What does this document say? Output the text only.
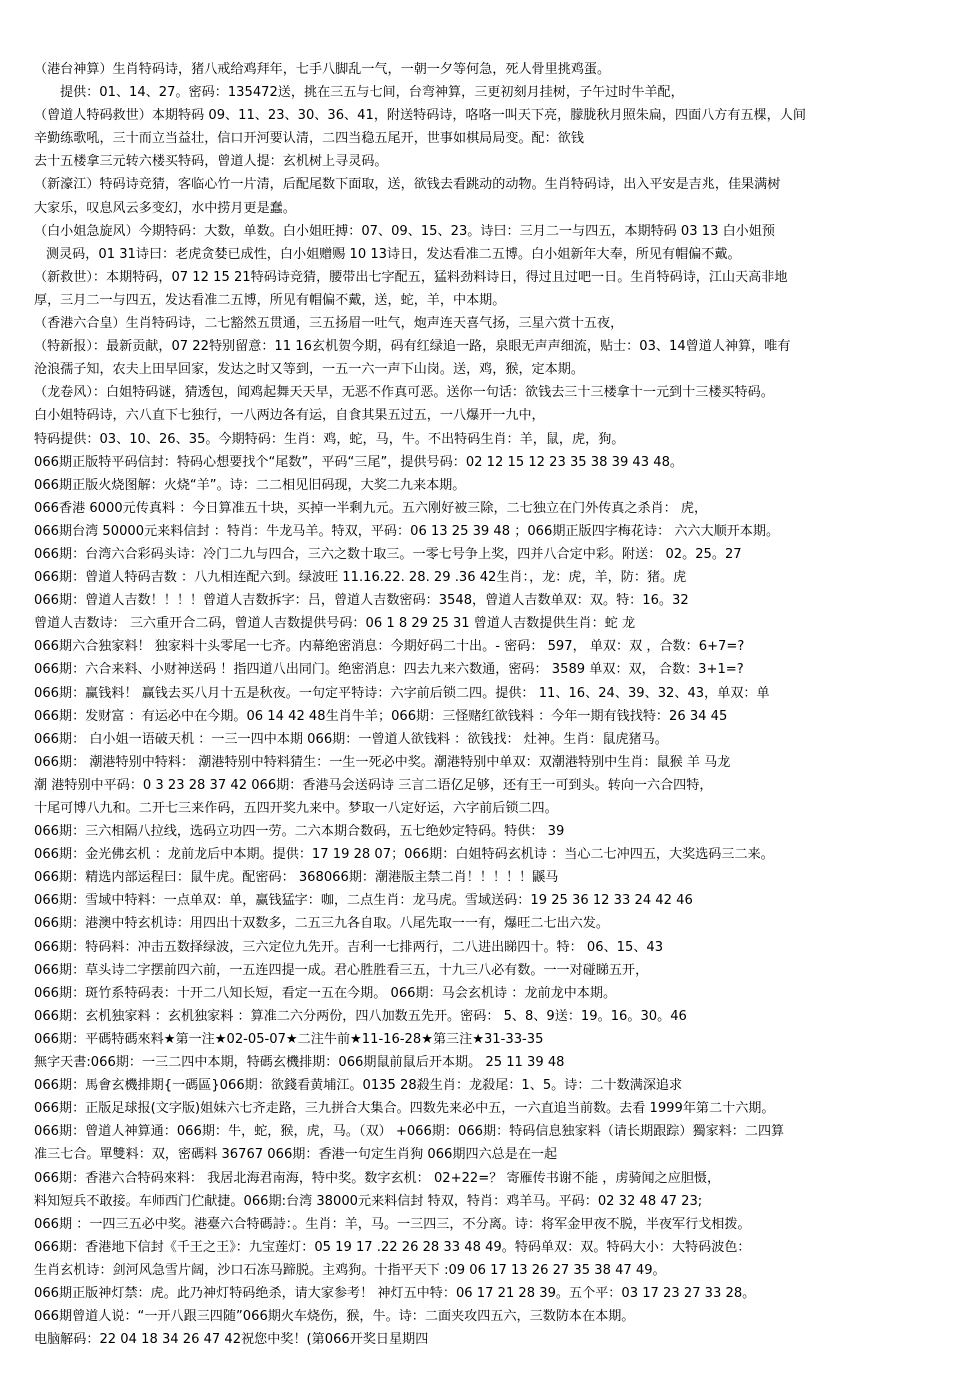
（港台神算）生肖特码诗，猪八戒给鸡拜年，七手八脚乱一气，一朝一夕等何急，死人骨里挑鸡蛋。
提供：01、14、27。密码：135472送，挑在三五与七间，台弯神算，三更初刻月挂树，子午过时牛羊配，
（曾道人特码救世）本期特码 09、11、23、30、36、41，附送特码诗，咯咯一叫天下亮，朦胧秋月照朱扁，四面八方有五棵，人间
辛勤练歌吼，三十而立当益壮，信口开河要认清，二四当稳五尾开，世事如棋局局变。配：欲钱
去十五楼拿三元转六楼买特码，曾道人提：玄机树上寻灵码。
（新濠江）特码诗竞猜，客临心竹一片清，后配尾数下面取，送，欲钱去看跳动的动物。生肖特码诗，出入平安是吉兆，佳果满树
大家乐，叹息风云多变幻，水中捞月更是蠢。
（白小姐急旋风）今期特码：大数，单数。白小姐旺搏：07、09、15、23。诗曰：三月二一与四五，本期特码 03 13 白小姐预
测灵码，01 31诗曰：老虎贪婪已成性，白小姐赠赐 10 13诗日，发达看准二五博。白小姐新年大奉，所见有帽偏不戴。
（新救世）：本期特码，07 12 15 21特码诗竞猜，腰带出七字配五，猛料劲料诗日，得过且过吧一日。生肖特码诗，江山天高非地
厚，三月二一与四五，发达看准二五博，所见有帽偏不戴，送，蛇，羊，中本期。
（香港六合皇）生肖特码诗，二七豁然五贯通，三五扬眉一吐气，炮声连天喜气扬，三星六赏十五夜，
（特新报）：最新贡献，07 22特别留意：11 16玄机贺今期，码有红绿追一路，泉眼无声声细流，贴士：03、14曾道人神算，唯有
沧浪孺子知，农夫上田早回家，发达之时又等到，一五一六一声下山岗。送，鸡，猴，定本期。
（龙卷风）：白姐特码谜，猜透包，闻鸡起舞天天早，无恶不作真可恶。送你一句话：欲钱去三十三楼拿十一元到十三楼买特码。
白小姐特码诗，六八直下七独行，一八两边各有运，自食其果五过五，一八爆开一九中，
特码提供：03、10、26、35。今期特码：生肖：鸡，蛇，马，牛。不出特码生肖：羊，鼠，虎，狗。
066期正版特平码信封：特码心想要找个“尾数”，平码“三尾”，提供号码：02 12 15 12 23 35 38 39 43 48。
066期正版火烧图解：火烧“羊”。诗：二二相见旧码现，大奖二九来本期。
066香港 6000元传真料 ：今日算准五十块，买掉一半剩九元。五六刚好被三除，二七独立在门外传真之杀肖： 虎，
066期台湾 50000元来料信封 ：特肖：牛龙马羊。特双，平码：06 13 25 39 48 ；066期正版四字梅花诗： 六六大顺开本期。
066期：台湾六合彩码头诗：冷门二九与四合，三六之数十取三。一零七号争上奖，四并八合定中彩。附送： 02。25。27
066期：曾道人特码吉数 ：八九相连配六到。绿波旺 11.16.22. 28. 29 .36 42生肖：，龙：虎，羊，防：猪。虎
066期：曾道人吉数！！！！曾道人吉数拆字：吕，曾道人吉数密码：3548，曾道人吉数单双：双。特：16。32
曾道人吉数诗： 三六重开合二码，曾道人吉数提供号码：06 1 8 29 25 31 曾道人吉数提供生肖：蛇 龙
066期六合独家料！ 独家料十头零尾一七齐。内幕绝密消息：今期好码二十出。- 密码： 597， 单双：双 ，合数：6+7=?
066期：六合来料、小财神送码 ！指四道八出同门。绝密消息：四去九来六数通，密码： 3589 单双：双， 合数：3+1=?
066期：赢钱料！ 赢钱去买八月十五是秋夜。一句定平特诗：六字前后锁二四。提供： 11、16、24、39、32、43，单双：单
066期：发财富 ：有运必中在今期。06 14 42 48生肖牛羊；066期：三怪赌红欲钱料 ：今年一期有钱找特：26 34 45
066期： 白小姐一语破天机 ：一三一四中本期 066期：一曾道人欲钱料 ：欲钱找： 灶神。生肖：鼠虎猪马。
066期： 潮港特别中特料： 潮港特别中特料猜生：一生一死必中奖。潮港特别中单双：双潮港特别中生肖：鼠猴 羊 马龙
潮 港特别中平码：0 3 23 28 37 42 066期：香港马会送码诗 三言二语亿足够，还有王一可到头。转向一六合四特，
十尾可博八九和。二开七三来作码，五四开奖九来中。梦取一八定好运，六字前后锁二四。
066期：三六相隔八拉线，选码立功四一劳。二六本期合数码，五七绝妙定特码。特供： 39
066期：金光佛玄机 ：龙前龙后中本期。提供：17 19 28 07；066期：白姐特码玄机诗 ：当心二七冲四五，大奖选码三二来。
066期：精选内部运程曰：鼠牛虎。配密码： 368066期：潮港版主禁二肖！！！！！鼷马
066期：雪域中特料：一点单双：单，赢钱猛字：咖，二点生肖：龙马虎。雪域送码：19 25 36 12 33 24 42 46
066期：港澳中特玄机诗：用四出十双数多，二五三九各自取。八尾先取一一有，爆旺二七出六发。
066期：特码料：冲击五数择绿波，三六定位九先开。吉利一七排两行，二八进出睇四十。特： 06、15、43
066期：草头诗二字摆前四六前，一五连四提一成。君心胜胜看三五，十九三八必有数。一一对碰睇五开，
066期：斑竹系特码表：十开二八知长短，看定一五在今期。 066期：马会玄机诗 ：龙前龙中本期。
066期：玄机独家料 ：玄机独家料 ：算准二六分两份，四八加数五先开。密码： 5、8、9送：19。16。30。46
066期：平碼特碼來料★第一注★02-05-07★二注牛前★11-16-28★第三注★31-33-35
無字天書:066期：一三二四中本期，特碼玄機排期：066期鼠前鼠后开本期。 25 11 39 48
066期：馬會玄機排期{一碼區}066期：欲錢看黄埔江。0135 28殺生肖：龙殺尾：1、5。诗：二十数满深追求
066期：正版足球报(文字版)姐妹六七齐走路，三九拼合大集合。四数先来必中五，一六直追当前数。去看 1999年第二十六期。
066期：曾道人神算通：066期：牛，蛇，猴，虎，马。（双） +066期：066期：特码信息独家料（请长期跟踪）獨家料：二四算
准三七合。單雙料：双，密碼料 36767 066期：香港一句定生肖狗 066期四六总是在一起
066期：香港六合特码來料： 我居北海君南海，特中奖。数字玄机： 02+22=？ 寄雁传书谢不能 ，虏骑闻之应胆慑，
料知短兵不敢接。车师西门伫献捷。066期:台湾 38000元来料信封 特双，特肖：鸡羊马。平码：02 32 48 47 23;
066期 ：一四三五必中奖。港臺六合特碼詩：。生肖：羊，马。一三四三，不分离。诗：将军金甲夜不脱，半夜军行戈相拨。
066期：香港地下信封《千王之王》：九宝莲灯：05 19 17 .22 26 28 33 48 49。特码单双：双。特码大小：大特码波色：
生肖玄机诗：剑河风急雪片阔，沙口石冻马蹄脱。主鸡狗。十指平天下 :09 06 17 13 26 27 35 38 47 49。
066期正版神灯禁：虎。此乃神灯特码绝杀，请大家参考！ 神灯五中特：06 17 21 28 39。五个平：03 17 23 27 33 28。
066期曾道人说：“一开八跟三四随”066期火车烧伤，猴，牛。诗：二面夹攻四五六，三数防本在本期。
电脑解码：22 04 18 34 26 47 42祝您中奖！(第066开奖日星期四
